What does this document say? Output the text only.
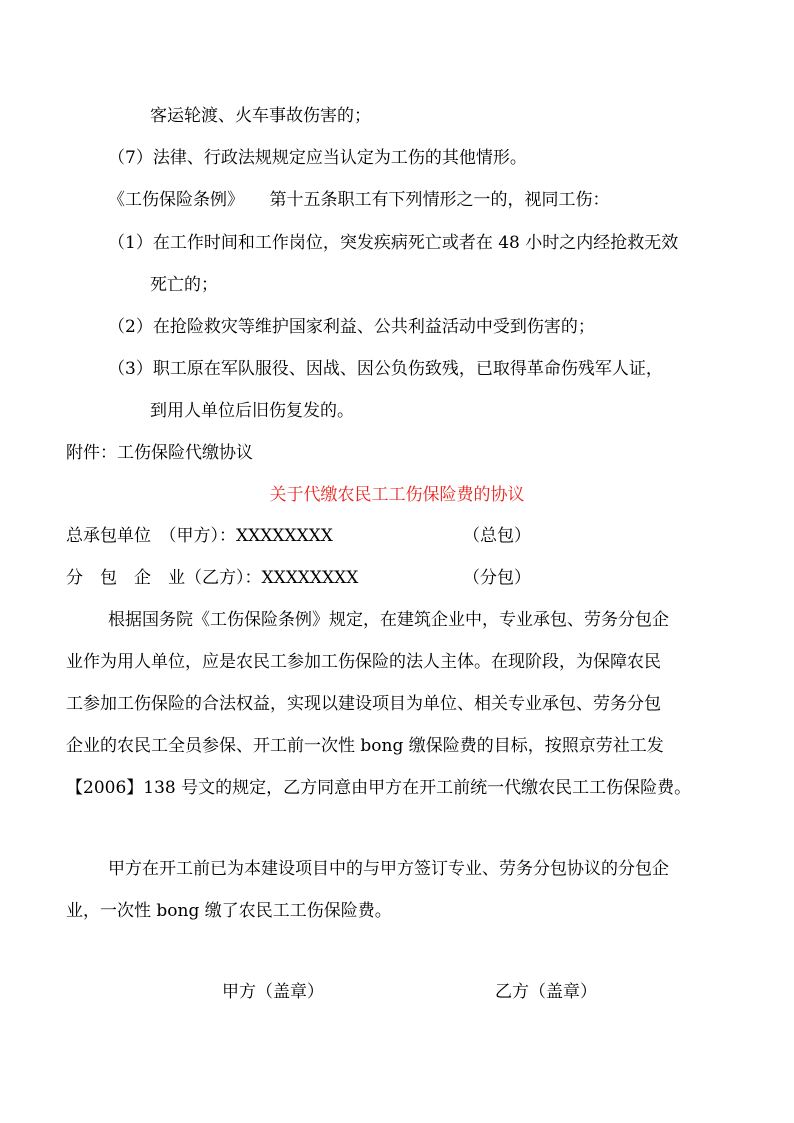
客运轮渡、火车事故伤害的；
（7）法律、行政法规规定应当认定为工伤的其他情形。
《工伤保险条例》　　第十五条职工有下列情形之一的，视同工伤：
（1）在工作时间和工作岗位，突发疾病死亡或者在 48 小时之内经抢救无效
死亡的；
（2）在抢险救灾等维护国家利益、公共利益活动中受到伤害的；
（3）职工原在军队服役、因战、因公负伤致残，已取得革命伤残军人证，
到用人单位后旧伤复发的。
附件：工伤保险代缴协议
关于代缴农民工工伤保险费的协议
总承包单位　（甲方）：XXXXXXXX	（总包）
分　包　企　业（乙方）：XXXXXXXX	（分包）
根据国务院《工伤保险条例》规定，在建筑企业中，专业承包、劳务分包企
业作为用人单位，应是农民工参加工伤保险的法人主体。在现阶段，为保障农民
工参加工伤保险的合法权益，实现以建设项目为单位、相关专业承包、劳务分包
企业的农民工全员参保、开工前一次性 bong 缴保险费的目标，按照京劳社工发
【2006】138 号文的规定，乙方同意由甲方在开工前统一代缴农民工工伤保险费。
甲方在开工前已为本建设项目中的与甲方签订专业、劳务分包协议的分包企
业，一次性 bong 缴了农民工工伤保险费。
甲方（盖章）	乙方（盖章）
